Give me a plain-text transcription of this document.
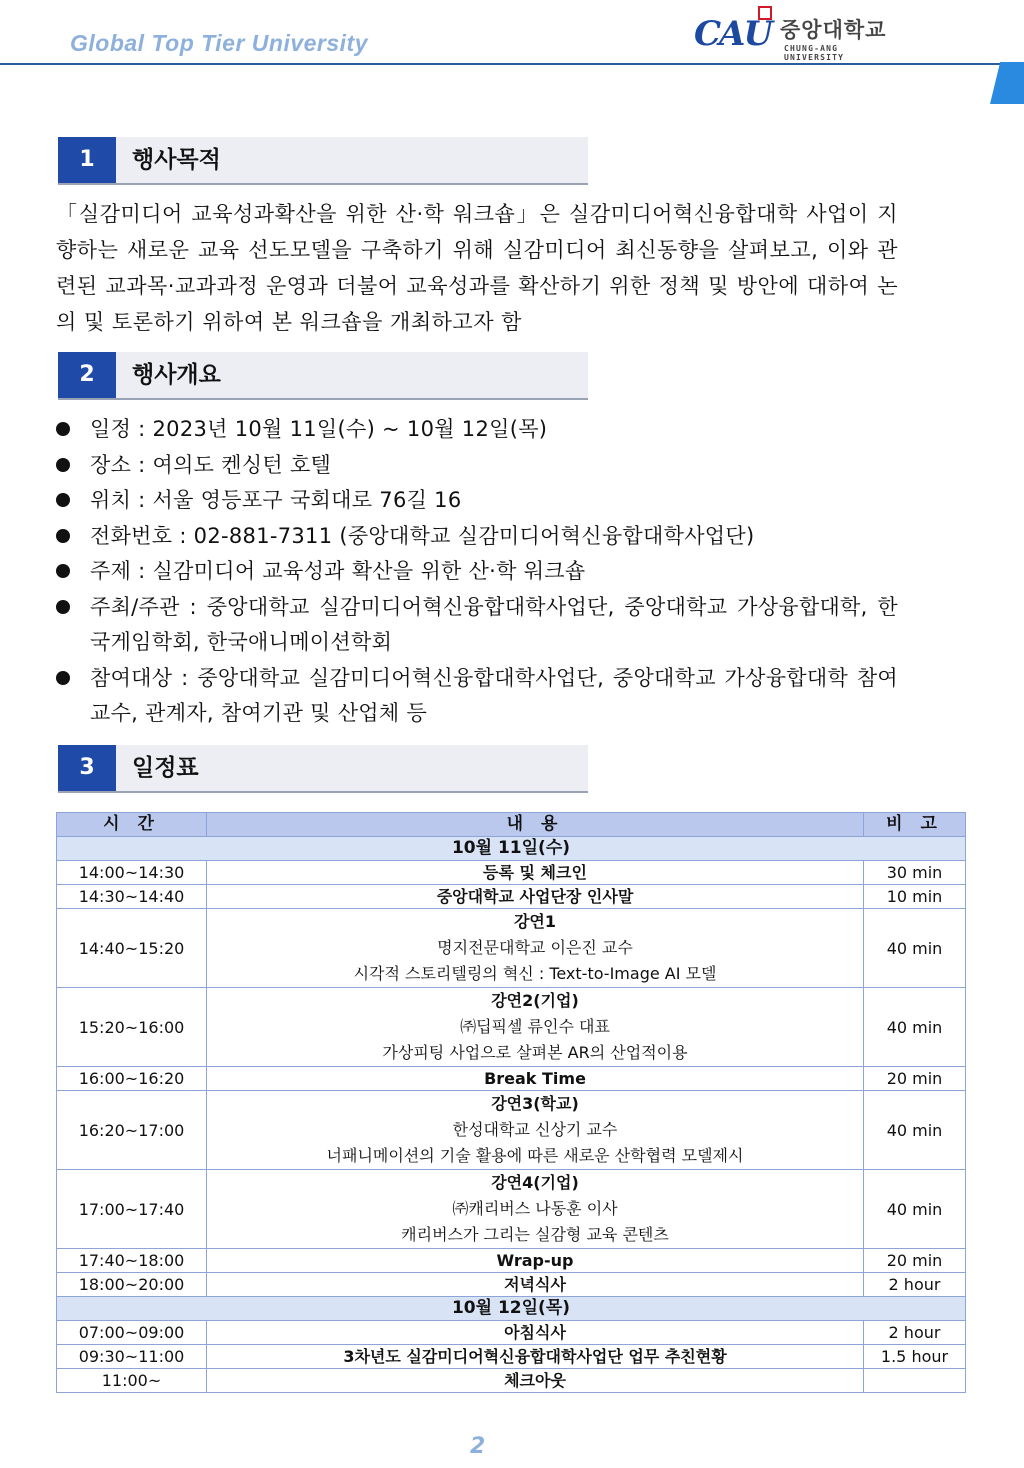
Global Top Tier University	CAU 중앙대학교
CHUNG-ANG UNIVERSITY
1	행사목적
「실감미디어 교육성과확산을 위한 산·학 워크숍」은 실감미디어혁신융합대학 사업이 지향하는 새로운 교육 선도모델을 구축하기 위해 실감미디어 최신동향을 살펴보고, 이와 관련된 교과목·교과과정 운영과 더불어 교육성과를 확산하기 위한 정책 및 방안에 대하여 논의 및 토론하기 위하여 본 워크숍을 개최하고자 함
2	행사개요
일정 : 2023년 10월 11일(수) ~ 10월 12일(목)
장소 : 여의도 켄싱턴 호텔
위치 : 서울 영등포구 국회대로 76길 16
전화번호 : 02-881-7311 (중앙대학교 실감미디어혁신융합대학사업단)
주제 : 실감미디어 교육성과 확산을 위한 산·학 워크숍
주최/주관 : 중앙대학교 실감미디어혁신융합대학사업단, 중앙대학교 가상융합대학, 한국게임학회, 한국애니메이션학회
참여대상 : 중앙대학교 실감미디어혁신융합대학사업단, 중앙대학교 가상융합대학 참여교수, 관계자, 참여기관 및 산업체 등
3	일정표
시 간	내 용	비 고
10월 11일(수)		
14:00~14:30	등록 및 체크인	30 min
14:30~14:40	중앙대학교 사업단장 인사말	10 min
14:40~15:20	강연1
명지전문대학교 이은진 교수
시각적 스토리텔링의 혁신 : Text-to-Image AI 모델	40 min
15:20~16:00	강연2(기업)
㈜딥픽셀 류인수 대표
가상피팅 사업으로 살펴본 AR의 산업적이용	40 min
16:00~16:20	Break Time	20 min
16:20~17:00	강연3(학교)
한성대학교 신상기 교수
너패니메이션의 기술 활용에 따른 새로운 산학협력 모델제시	40 min
17:00~17:40	강연4(기업)
㈜캐리버스 나동훈 이사
캐리버스가 그리는 실감형 교육 콘텐츠	40 min
17:40~18:00	Wrap-up	20 min
18:00~20:00	저녁식사	2 hour
10월 12일(목)		
07:00~09:00	아침식사	2 hour
09:30~11:00	3차년도 실감미디어혁신융합대학사업단 업무 추친현황	1.5 hour
11:00~	체크아웃	
2
